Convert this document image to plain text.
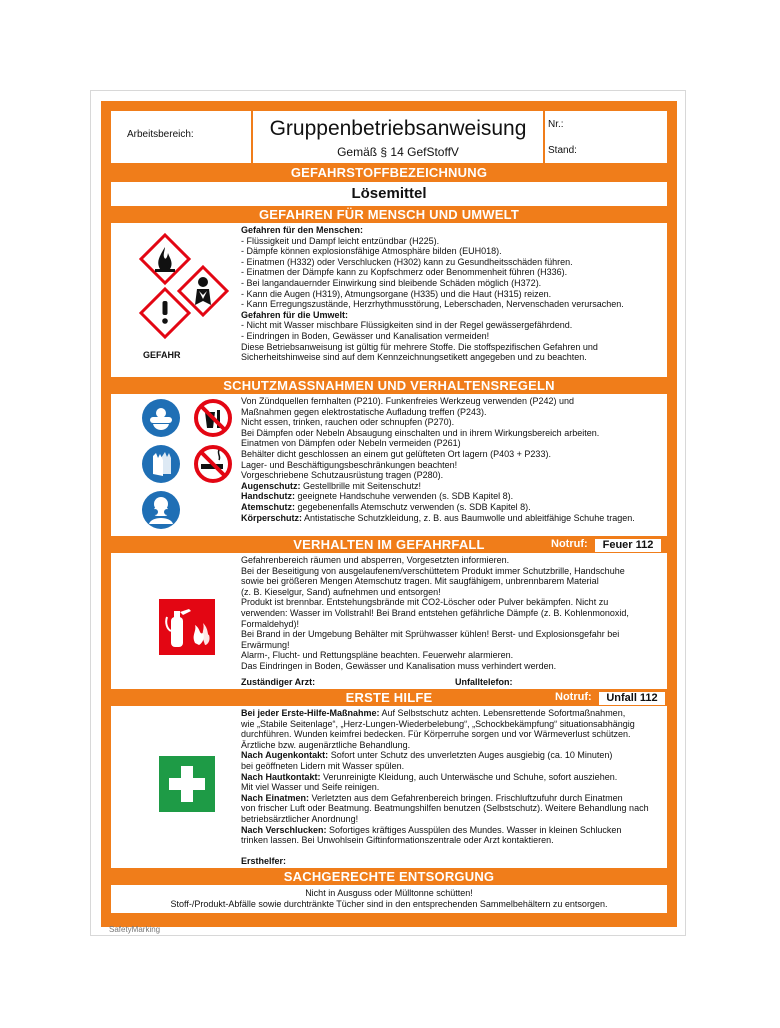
Arbeitsbereich:	Gruppenbetriebsanweisung
Gemäß § 14 GefStoffV
Nr.:
Stand:
GEFAHRSTOFFBEZEICHNUNG
Lösemittel
GEFAHREN FÜR MENSCH UND UMWELT
GEFAHR

Gefahren für den Menschen:

- Flüssigkeit und Dampf leicht entzündbar (H225).

- Dämpfe können explosionsfähige Atmosphäre bilden (EUH018).

- Einatmen (H332) oder Verschlucken (H302) kann zu Gesundheitsschäden führen.

- Einatmen der Dämpfe kann zu Kopfschmerz oder Benommenheit führen (H336).

- Bei langandauernder Einwirkung sind bleibende Schäden möglich (H372).

- Kann die Augen (H319), Atmungsorgane (H335) und die Haut (H315) reizen.

- Kann Erregungszustände, Herzrhythmusstörung, Leberschaden, Nervenschaden verursachen.

Gefahren für die Umwelt:

- Nicht mit Wasser mischbare Flüssigkeiten sind in der Regel gewässergefährdend.

- Eindringen in Boden, Gewässer und Kanalisation vermeiden!

Diese Betriebsanweisung ist gültig für mehrere Stoffe. Die stoffspezifischen Gefahren und

Sicherheitshinweise sind auf dem Kennzeichnungsetikett angegeben und zu beachten.

SCHUTZMASSNAHMEN UND VERHALTENSREGELN

Von Zündquellen fernhalten (P210). Funkenfreies Werkzeug verwenden (P242) und

Maßnahmen gegen elektrostatische Aufladung treffen (P243).

Nicht essen, trinken, rauchen oder schnupfen (P270).

Bei Dämpfen oder Nebeln Absaugung einschalten und in ihrem Wirkungsbereich arbeiten.

Einatmen von Dämpfen oder Nebeln vermeiden (P261)

Behälter dicht geschlossen an einem gut gelüfteten Ort lagern (P403 + P233).

Lager- und Beschäftigungsbeschränkungen beachten!

Vorgeschriebene Schutzausrüstung tragen (P280).

Augenschutz: Gestellbrille mit Seitenschutz!

Handschutz: geeignete Handschuhe verwenden (s. SDB Kapitel 8).

Atemschutz: gegebenenfalls Atemschutz verwenden (s. SDB Kapitel 8).

Körperschutz: Antistatische Schutzkleidung, z. B. aus Baumwolle und ableitfähige Schuhe tragen.

VERHALTEN IM GEFAHRFALL	Notruf:	Feuer 112

Gefahrenbereich räumen und absperren, Vorgesetzten informieren.

Bei der Beseitigung von ausgelaufenem/verschüttetem Produkt immer Schutzbrille, Handschuhe

sowie bei größeren Mengen Atemschutz tragen. Mit saugfähigem, unbrennbarem Material

(z. B. Kieselgur, Sand) aufnehmen und entsorgen!

Produkt ist brennbar. Entstehungsbrände mit CO2-Löscher oder Pulver bekämpfen. Nicht zu

verwenden: Wasser im Vollstrahl! Bei Brand entstehen gefährliche Dämpfe (z. B. Kohlenmonoxid,

Formaldehyd)!

Bei Brand in der Umgebung Behälter mit Sprühwasser kühlen! Berst- und Explosionsgefahr bei

Erwärmung!

Alarm-, Flucht- und Rettungspläne beachten. Feuerwehr alarmieren.

Das Eindringen in Boden, Gewässer und Kanalisation muss verhindert werden.

Zuständiger Arzt:	Unfalltelefon:
ERSTE HILFE	Notruf:	Unfall 112

Bei jeder Erste-Hilfe-Maßnahme: Auf Selbstschutz achten. Lebensrettende Sofortmaßnahmen,

wie „Stabile Seitenlage“, „Herz-Lungen-Wiederbelebung“, „Schockbekämpfung“ situationsabhängig

durchführen. Wunden keimfrei bedecken. Für Körperruhe sorgen und vor Wärmeverlust schützen.

Ärztliche bzw. augenärztliche Behandlung.

Nach Augenkontakt: Sofort unter Schutz des unverletzten Auges ausgiebig (ca. 10 Minuten)

bei geöffneten Lidern mit Wasser spülen.

Nach Hautkontakt: Verunreinigte Kleidung, auch Unterwäsche und Schuhe, sofort ausziehen.

Mit viel Wasser und Seife reinigen.

Nach Einatmen: Verletzten aus dem Gefahrenbereich bringen. Frischluftzufuhr durch Einatmen

von frischer Luft oder Beatmung. Beatmungshilfen benutzen (Selbstschutz). Weitere Behandlung nach

betriebsärztlicher Anordnung!

Nach Verschlucken: Sofortiges kräftiges Ausspülen des Mundes. Wasser in kleinen Schlucken

trinken lassen. Bei Unwohlsein Giftinformationszentrale oder Arzt kontaktieren.

Ersthelfer:
SACHGERECHTE ENTSORGUNG

Nicht in Ausguss oder Mülltonne schütten!

Stoff-/Produkt-Abfälle sowie durchtränkte Tücher sind in den entsprechenden Sammelbehältern zu entsorgen.

SafetyMarking
